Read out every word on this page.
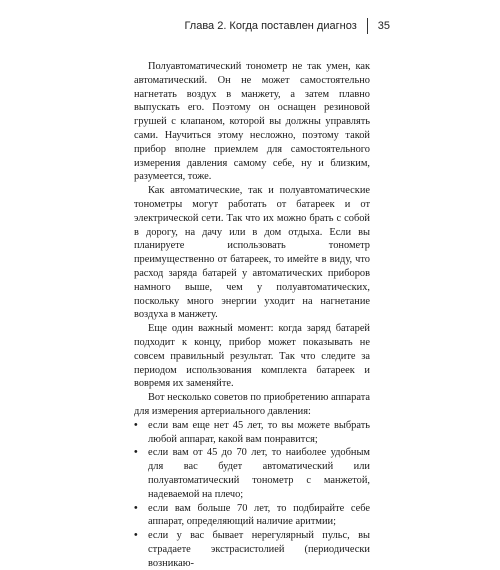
Глава 2. Когда поставлен диагноз 35

Полуавтоматический тонометр не так умен, как автоматический. Он не может самостоятельно нагнетать воздух в манжету, а затем плавно выпускать его. Поэтому он оснащен резиновой грушей с клапаном, которой вы должны управлять сами. Научиться этому несложно, поэтому такой прибор вполне приемлем для самостоятельного измерения давления самому себе, ну и близким, разумеется, тоже.

Как автоматические, так и полуавтоматические тонометры могут работать от батареек и от электрической сети. Так что их можно брать с собой в дорогу, на дачу или в дом отдыха. Если вы планируете использовать тонометр преимущественно от батареек, то имейте в виду, что расход заряда батарей у автоматических приборов намного выше, чем у полуавтоматических, поскольку много энергии уходит на нагнетание воздуха в манжету.

Еще один важный момент: когда заряд батарей подходит к концу, прибор может показывать не совсем правильный результат. Так что следите за периодом использования комплекта батареек и вовремя их заменяйте.

Вот несколько советов по приобретению аппарата для измерения артериального давления:

• если вам еще нет 45 лет, то вы можете выбрать любой аппарат, какой вам понравится;
• если вам от 45 до 70 лет, то наиболее удобным для вас будет автоматический или полуавтоматический тонометр с манжетой, надеваемой на плечо;
• если вам больше 70 лет, то подбирайте себе аппарат, определяющий наличие аритмии;
• если у вас бывает нерегулярный пульс, вы страдаете экстрасистолией (периодически возникаю-
